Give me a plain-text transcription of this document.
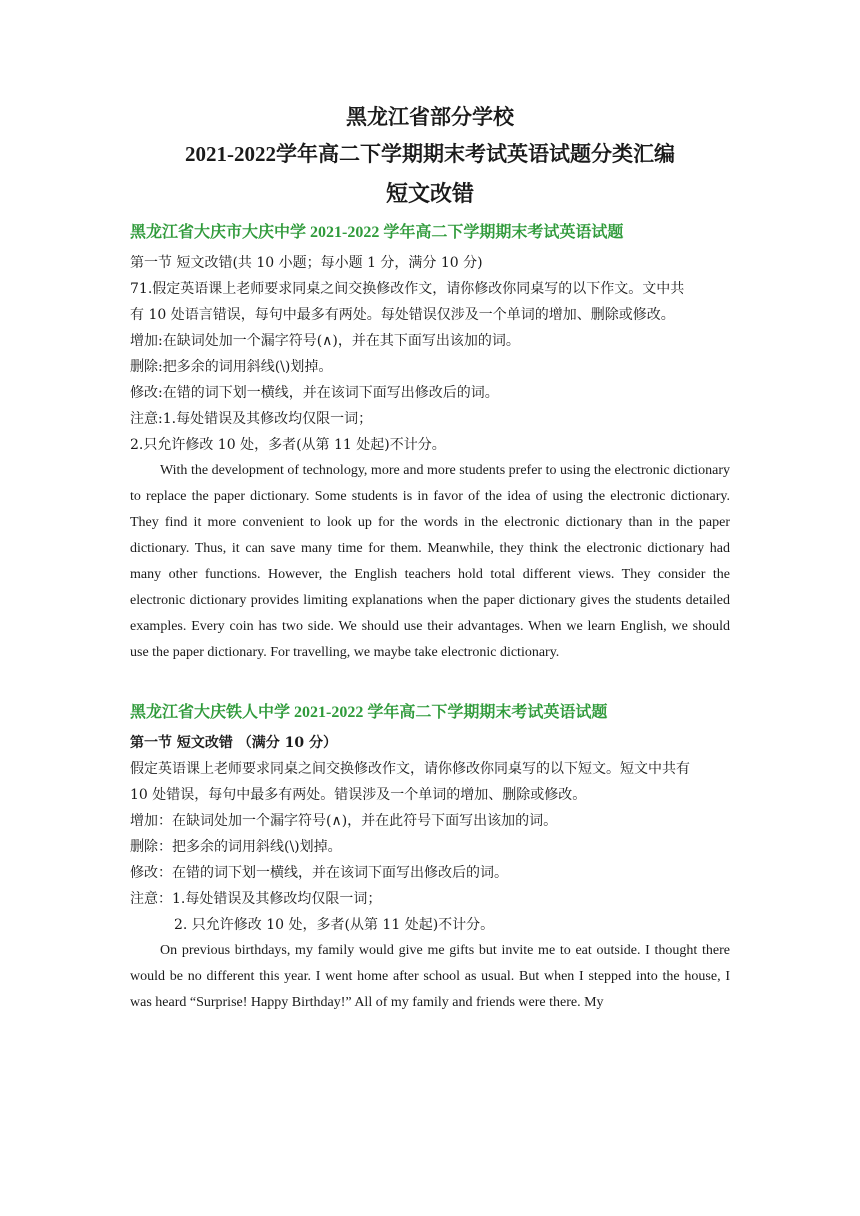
黑龙江省部分学校

2021-2022学年高二下学期期末考试英语试题分类汇编

短文改错

黑龙江省大庆市大庆中学 2021-2022 学年高二下学期期末考试英语试题

第一节 短文改错(共 10 小题；每小题 1 分，满分 10 分)

71.假定英语课上老师要求同桌之间交换修改作文，请你修改你同桌写的以下作文。文中共

有 10 处语言错误，每句中最多有两处。每处错误仅涉及一个单词的增加、删除或修改。

增加:在缺词处加一个漏字符号(∧)，并在其下面写出该加的词。

删除:把多余的词用斜线(\)划掉。

修改:在错的词下划一横线，并在该词下面写出修改后的词。

注意:1.每处错误及其修改均仅限一词；

2.只允许修改 10 处，多者(从第 11 处起)不计分。

With the development of technology, more and more students prefer to using the electronic dictionary to replace the paper dictionary. Some students is in favor of the idea of using the electronic dictionary. They find it more convenient to look up for the words in the electronic dictionary than in the paper dictionary. Thus, it can save many time for them. Meanwhile, they think the electronic dictionary had many other functions. However, the English teachers hold total different views. They consider the electronic dictionary provides limiting explanations when the paper dictionary gives the students detailed examples. Every coin has two side. We should use their advantages. When we learn English, we should use the paper dictionary. For travelling, we maybe take electronic dictionary.

黑龙江省大庆铁人中学 2021-2022 学年高二下学期期末考试英语试题

第一节 短文改错 （满分 10 分）

假定英语课上老师要求同桌之间交换修改作文，请你修改你同桌写的以下短文。短文中共有

10 处错误，每句中最多有两处。错误涉及一个单词的增加、删除或修改。

增加：在缺词处加一个漏字符号(∧)，并在此符号下面写出该加的词。

删除：把多余的词用斜线(\)划掉。

修改：在错的词下划一横线，并在该词下面写出修改后的词。

注意：1.每处错误及其修改均仅限一词；

2. 只允许修改 10 处，多者(从第 11 处起)不计分。

On previous birthdays, my family would give me gifts but invite me to eat outside. I thought there would be no different this year. I went home after school as usual. But when I stepped into the house, I was heard “Surprise! Happy Birthday!” All of my family and friends were there. My
